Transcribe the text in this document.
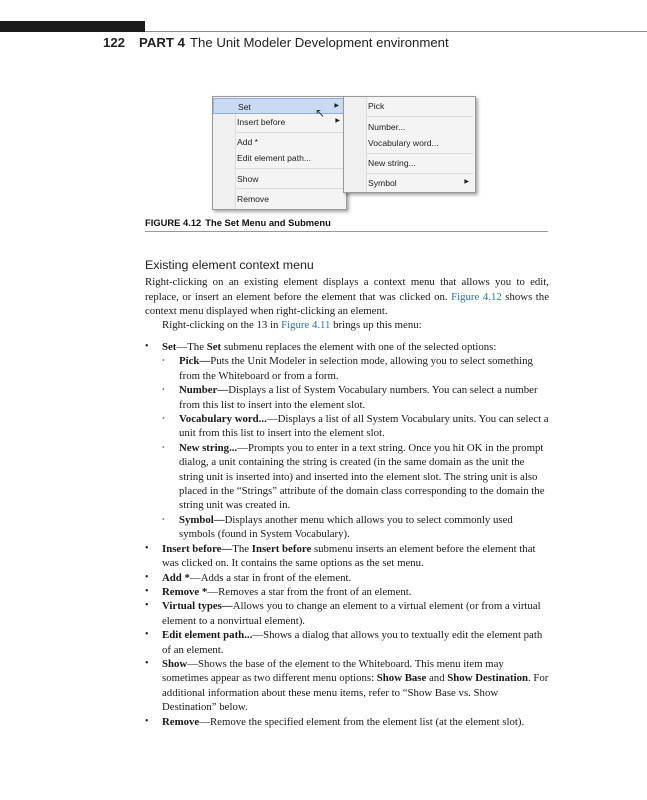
122 PART 4 The Unit Modeler Development environment
Set	▶
↖
Insert before	▶
Add *
Edit element path...
Show
Remove
Pick
Number...
Vocabulary word...
New string...
Symbol	▶
FIGURE 4.12 The Set Menu and Submenu
Existing element context menu
Right-clicking on an existing element displays a context menu that allows you to edit, replace, or insert an element before the element that was clicked on. Figure 4.12 shows the context menu displayed when right-clicking an element.
Right-clicking on the 13 in Figure 4.11 brings up this menu:
• Set—The Set submenu replaces the element with one of the selected options:
• Pick—Puts the Unit Modeler in selection mode, allowing you to select something from the Whiteboard or from a form.
• Number—Displays a list of System Vocabulary numbers. You can select a number from this list to insert into the element slot.
• Vocabulary word...—Displays a list of all System Vocabulary units. You can select a unit from this list to insert into the element slot.
• New string...—Prompts you to enter in a text string. Once you hit OK in the prompt dialog, a unit containing the string is created (in the same domain as the unit the string unit is inserted into) and inserted into the element slot. The string unit is also placed in the “Strings” attribute of the domain class corresponding to the domain the string unit was created in.
• Symbol—Displays another menu which allows you to select commonly used symbols (found in System Vocabulary).
• Insert before—The Insert before submenu inserts an element before the element that was clicked on. It contains the same options as the set menu.
• Add *—Adds a star in front of the element.
• Remove *—Removes a star from the front of an element.
• Virtual types—Allows you to change an element to a virtual element (or from a virtual element to a nonvirtual element).
• Edit element path...—Shows a dialog that allows you to textually edit the element path of an element.
• Show—Shows the base of the element to the Whiteboard. This menu item may sometimes appear as two different menu options: Show Base and Show Destination. For additional information about these menu items, refer to “Show Base vs. Show Destination” below.
• Remove—Remove the specified element from the element list (at the element slot).
